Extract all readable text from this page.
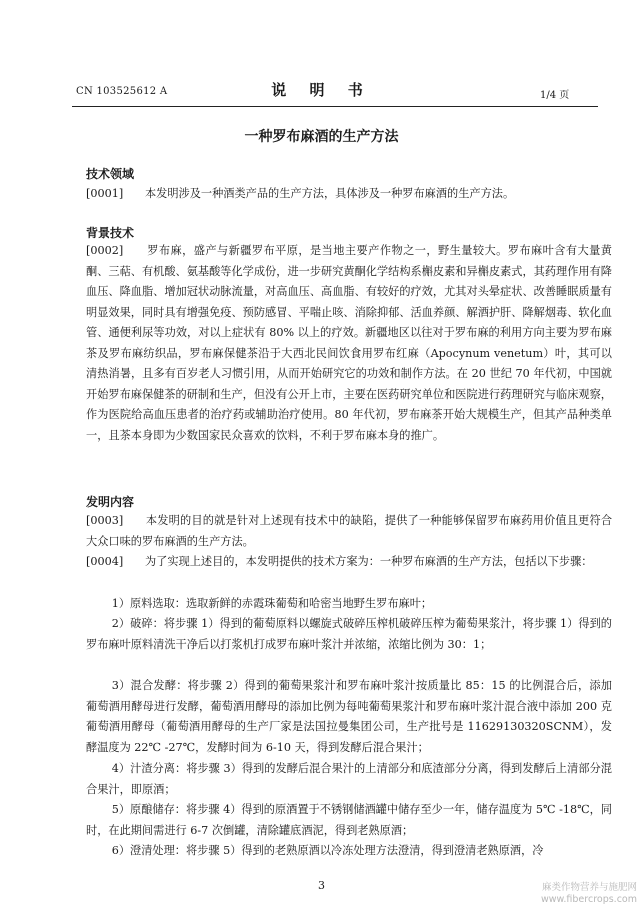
CN 103525612 A	说 明 书	1/4 页
一种罗布麻酒的生产方法
技术领域
[0001] 本发明涉及一种酒类产品的生产方法，具体涉及一种罗布麻酒的生产方法。
背景技术
[0002] 罗布麻，盛产与新疆罗布平原，是当地主要产作物之一，野生量较大。罗布麻叶含有大量黄酮、三萜、有机酸、氨基酸等化学成份，进一步研究黄酮化学结构系槲皮素和异槲皮素式，其药理作用有降血压、降血脂、增加冠状动脉流量，对高血压、高血脂、有较好的疗效，尤其对头晕症状、改善睡眠质量有明显效果，同时具有增强免疫、预防感冒、平喘止咳、消除抑郁、活血养颜、解酒护肝、降解烟毒、软化血管、通便利尿等功效，对以上症状有 80% 以上的疗效。新疆地区以往对于罗布麻的利用方向主要为罗布麻茶及罗布麻纺织品，罗布麻保健茶沿于大西北民间饮食用罗布红麻（Apocynum venetum）叶，其可以清热消暑，且多有百岁老人习惯引用，从而开始研究它的功效和制作方法。在 20 世纪 70 年代初，中国就开始罗布麻保健茶的研制和生产，但没有公开上市，主要在医药研究单位和医院进行药理研究与临床观察，作为医院给高血压患者的治疗药或辅助治疗使用。80 年代初，罗布麻茶开始大规模生产，但其产品种类单一，且茶本身即为少数国家民众喜欢的饮料，不利于罗布麻本身的推广。
发明内容
[0003] 本发明的目的就是针对上述现有技术中的缺陷，提供了一种能够保留罗布麻药用价值且更符合大众口味的罗布麻酒的生产方法。
[0004] 为了实现上述目的，本发明提供的技术方案为：一种罗布麻酒的生产方法，包括以下步骤：
1）原料选取：选取新鲜的赤霞珠葡萄和哈密当地野生罗布麻叶；
2）破碎：将步骤 1）得到的葡萄原料以螺旋式破碎压榨机破碎压榨为葡萄果浆汁，将步骤 1）得到的罗布麻叶原料清洗干净后以打浆机打成罗布麻叶浆汁并浓缩，浓缩比例为 30：1；
3）混合发酵：将步骤 2）得到的葡萄果浆汁和罗布麻叶浆汁按质量比 85：15 的比例混合后，添加葡萄酒用酵母进行发酵，葡萄酒用酵母的添加比例为每吨葡萄果浆汁和罗布麻叶浆汁混合液中添加 200 克葡萄酒用酵母（葡萄酒用酵母的生产厂家是法国拉曼集团公司，生产批号是 11629130320SCNM），发酵温度为 22℃ -27℃，发酵时间为 6-10 天，得到发酵后混合果汁；
4）汁渣分离：将步骤 3）得到的发酵后混合果汁的上清部分和底渣部分分离，得到发酵后上清部分混合果汁，即原酒；
5）原酿储存：将步骤 4）得到的原酒置于不锈钢储酒罐中储存至少一年，储存温度为 5℃ -18℃，同时，在此期间需进行 6-7 次倒罐，清除罐底酒泥，得到老熟原酒；
6）澄清处理：将步骤 5）得到的老熟原酒以冷冻处理方法澄清，得到澄清老熟原酒，冷
3	麻类作物营养与施肥网
www.fibercrops.com
